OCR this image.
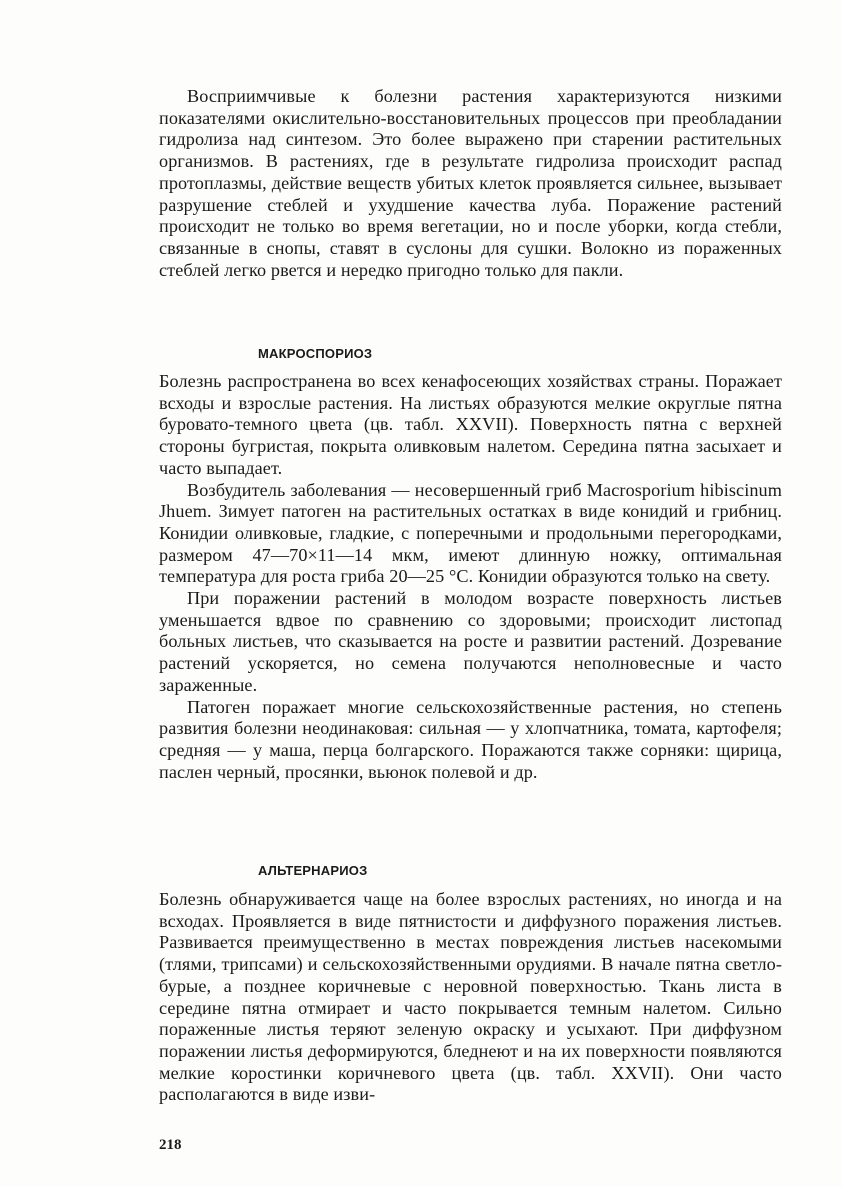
Восприимчивые к болезни растения характеризуются низкими показателями окислительно-восстановительных процессов при преобладании гидролиза над синтезом. Это более выражено при старении растительных организмов. В растениях, где в результате гидролиза происходит распад протоплазмы, действие веществ убитых клеток проявляется сильнее, вызывает разрушение стеблей и ухудшение качества луба. Поражение растений происходит не только во время вегетации, но и после уборки, когда стебли, связанные в снопы, ставят в суслоны для сушки. Волокно из пораженных стеблей легко рвется и нередко пригодно только для пакли.

МАКРОСПОРИОЗ

Болезнь распространена во всех кенафосеющих хозяйствах страны. Поражает всходы и взрослые растения. На листьях образуются мелкие округлые пятна буровато-темного цвета (цв. табл. XXVII). Поверхность пятна с верхней стороны бугристая, покрыта оливковым налетом. Середина пятна засыхает и часто выпадает.

Возбудитель заболевания — несовершенный гриб Macrosporium hibiscinum Jhuem. Зимует патоген на растительных остатках в виде конидий и грибниц. Конидии оливковые, гладкие, с поперечными и продольными перегородками, размером 47—70×11—14 мкм, имеют длинную ножку, оптимальная температура для роста гриба 20—25 °С. Конидии образуются только на свету.

При поражении растений в молодом возрасте поверхность листьев уменьшается вдвое по сравнению со здоровыми; происходит листопад больных листьев, что сказывается на росте и развитии растений. Дозревание растений ускоряется, но семена получаются неполновесные и часто зараженные.

Патоген поражает многие сельскохозяйственные растения, но степень развития болезни неодинаковая: сильная — у хлопчатника, томата, картофеля; средняя — у маша, перца болгарского. Поражаются также сорняки: щирица, паслен черный, просянки, вьюнок полевой и др.

АЛЬТЕРНАРИОЗ

Болезнь обнаруживается чаще на более взрослых растениях, но иногда и на всходах. Проявляется в виде пятнистости и диффузного поражения листьев. Развивается преимущественно в местах повреждения листьев насекомыми (тлями, трипсами) и сельскохозяйственными орудиями. В начале пятна светло-бурые, а позднее коричневые с неровной поверхностью. Ткань листа в середине пятна отмирает и часто покрывается темным налетом. Сильно пораженные листья теряют зеленую окраску и усыхают. При диффузном поражении листья деформируются, бледнеют и на их поверхности появляются мелкие коростинки коричневого цвета (цв. табл. XXVII). Они часто располагаются в виде изви-

218
